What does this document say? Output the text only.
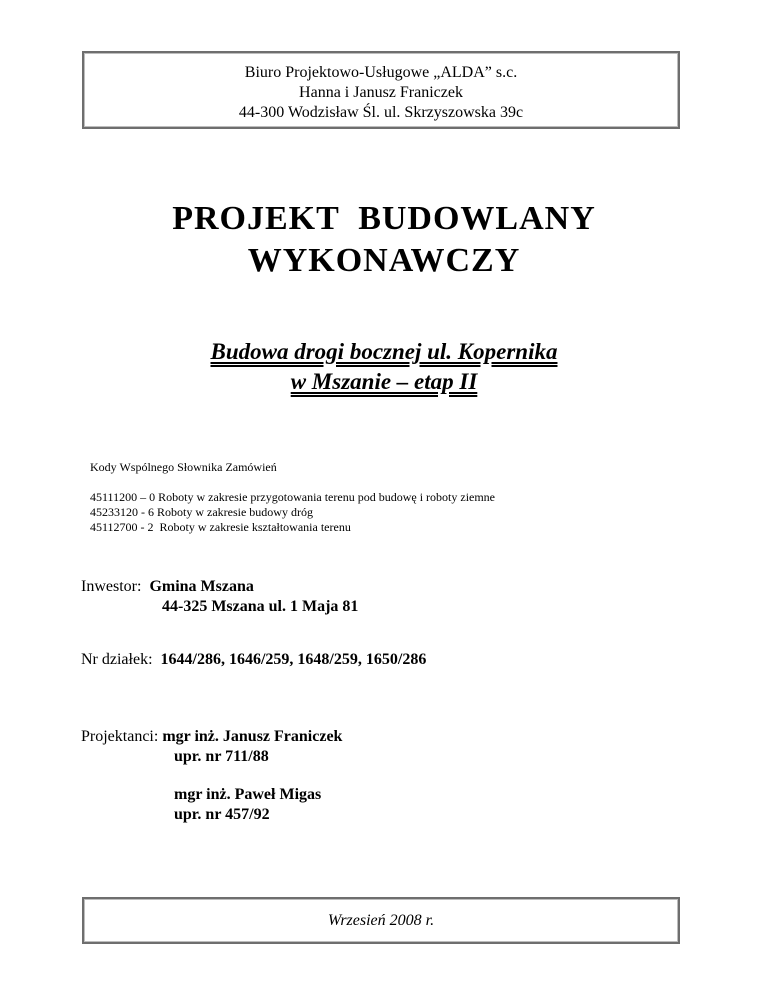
Biuro Projektowo-Usługowe „ALDA” s.c.
Hanna i Janusz Franiczek
44-300 Wodzisław Śl. ul. Skrzyszowska 39c
PROJEKT  BUDOWLANY
WYKONAWCZY
Budowa drogi bocznej ul. Kopernika
w Mszanie – etap II
Kody Wspólnego Słownika Zamówień
45111200 – 0 Roboty w zakresie przygotowania terenu pod budowę i roboty ziemne
45233120 - 6 Roboty w zakresie budowy dróg
45112700 - 2  Roboty w zakresie kształtowania terenu
Inwestor: Gmina Mszana
44-325 Mszana ul. 1 Maja 81
Nr działek: 1644/286, 1646/259, 1648/259, 1650/286
Projektanci: mgr inż. Janusz Franiczek
upr. nr 711/88
mgr inż. Paweł Migas
upr. nr 457/92
Wrzesień 2008 r.
